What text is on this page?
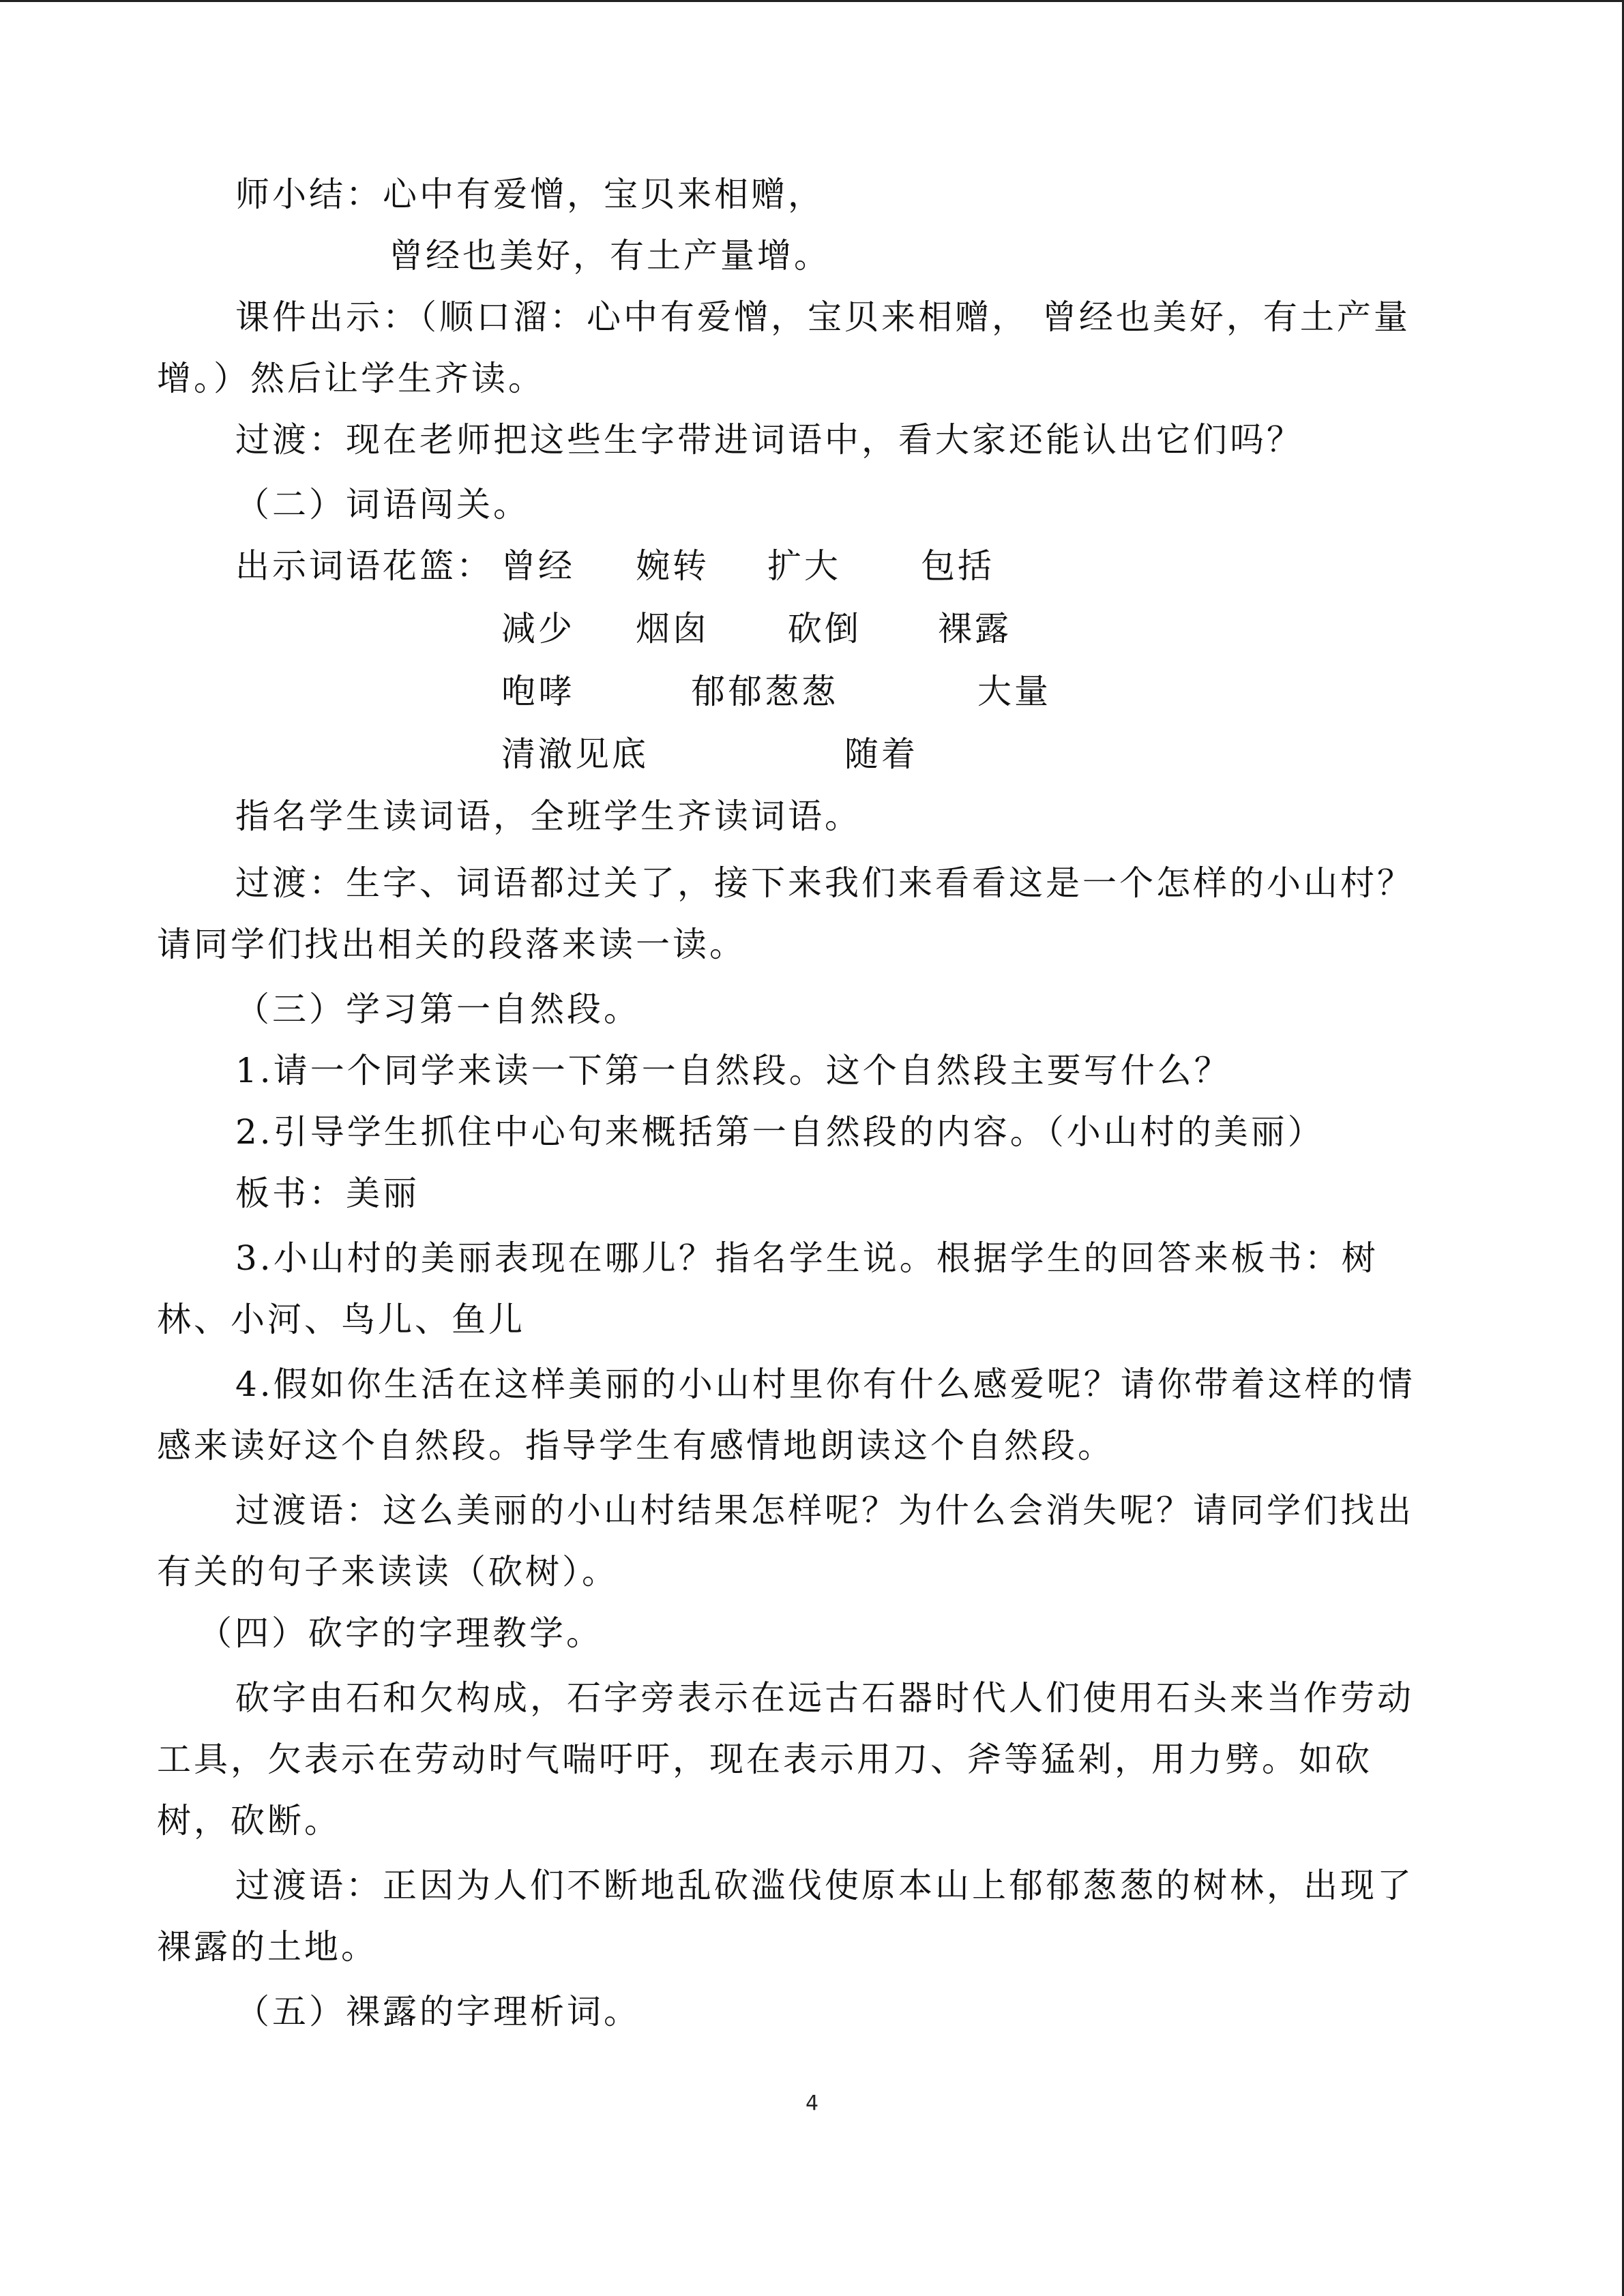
师小结：心中有爱憎，宝贝来相赠，
曾经也美好，有土产量增。
课件出示：（顺口溜：心中有爱憎，宝贝来相赠， 曾经也美好，有土产量
增。）然后让学生齐读。
过渡：现在老师把这些生字带进词语中，看大家还能认出它们吗？
（二）词语闯关。
出示词语花篮： 曾经 婉转 扩大 包括
减少 烟囱 砍倒 裸露
咆哮	郁郁葱葱	大量
清澈见底	随着
指名学生读词语，全班学生齐读词语。
过渡：生字、词语都过关了，接下来我们来看看这是一个怎样的小山村？
请同学们找出相关的段落来读一读。
（三）学习第一自然段。
1.请一个同学来读一下第一自然段。这个自然段主要写什么？
2.引导学生抓住中心句来概括第一自然段的内容。（小山村的美丽）
板书：美丽
3.小山村的美丽表现在哪儿？指名学生说。根据学生的回答来板书：树
林、小河、鸟儿、鱼儿
4.假如你生活在这样美丽的小山村里你有什么感爱呢？请你带着这样的情
感来读好这个自然段。指导学生有感情地朗读这个自然段。
过渡语：这么美丽的小山村结果怎样呢？为什么会消失呢？请同学们找出
有关的句子来读读（砍树）。
（四）砍字的字理教学。
砍字由石和欠构成，石字旁表示在远古石器时代人们使用石头来当作劳动
工具，欠表示在劳动时气喘吁吁，现在表示用刀、斧等猛剁，用力劈。如砍
树，砍断。
过渡语：正因为人们不断地乱砍滥伐使原本山上郁郁葱葱的树林，出现了
裸露的土地。
（五）裸露的字理析词。
4
